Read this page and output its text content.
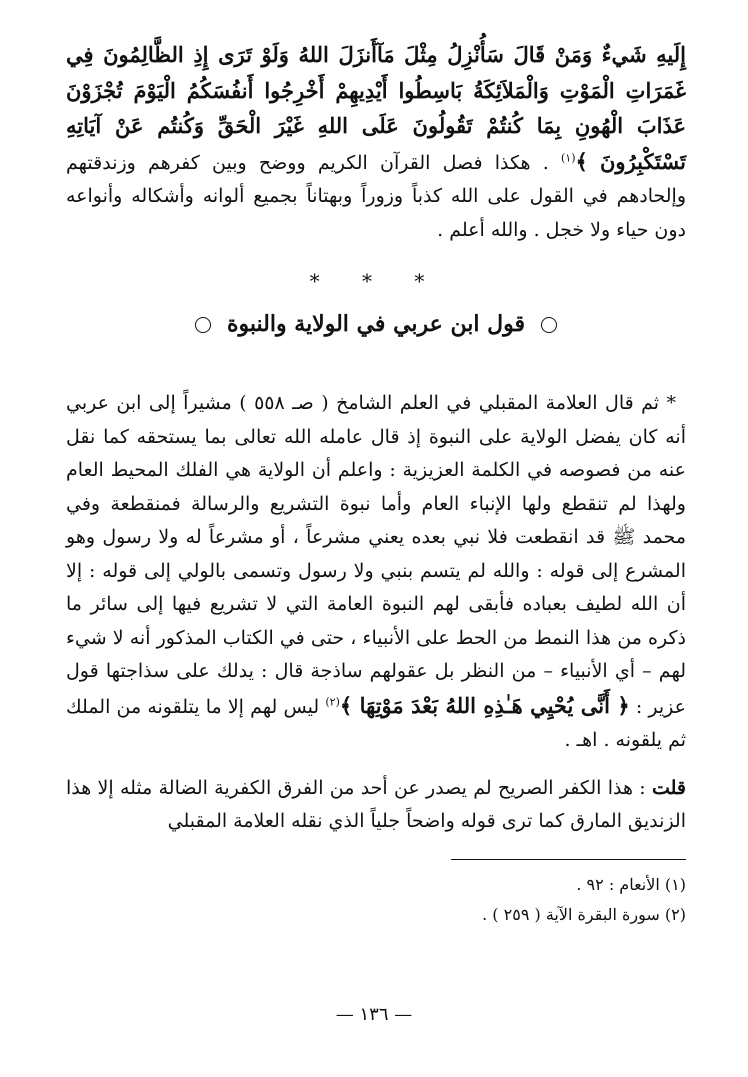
إِلَيهِ شَيءٌ وَمَنْ قَالَ سَأُنْزِلُ مِثْلَ مَآأَنزَلَ اللهُ وَلَوْ تَرَى إِذِ الظَّالِمُونَ فِي غَمَرَاتِ الْمَوْتِ وَالْمَلاَئِكَةُ بَاسِطُوا أَيْدِيهِمْ أَخْرِجُوا أَنفُسَكُمُ الْيَوْمَ تُجْزَوْنَ عَذَابَ الْهُونِ بِمَا كُنتُمْ تَقُولُونَ عَلَى اللهِ غَيْرَ الْحَقِّ وَكُنتُم عَنْ آيَاتِهِ تَسْتَكْبِرُونَ ﴾$^{(١)}$ . هكذا فصل القرآن الكريم ووضح وبين كفرهم وزندقتهم وإلحادهم في القول على الله كذباً وزوراً وبهتاناً بجميع ألوانه وأشكاله وأنواعه دون حياء ولا خجل . والله أعلم .

* * *
قول ابن عربي في الولاية والنبوة

* ثم قال العلامة المقبلي في العلم الشامخ ( صـ ٥٥٨ ) مشيراً إلى ابن عربي أنه كان يفضل الولاية على النبوة إذ قال عامله الله تعالى بما يستحقه كما نقل عنه من فصوصه في الكلمة العزيزية : واعلم أن الولاية هي الفلك المحيط العام ولهذا لم تنقطع ولها الإنباء العام وأما نبوة التشريع والرسالة فمنقطعة وفي محمد ﷺ قد انقطعت فلا نبي بعده يعني مشرعاً ، أو مشرعاً له ولا رسول وهو المشرع إلى قوله : والله لم يتسم بنبي ولا رسول وتسمى بالولي إلى قوله : إلا أن الله لطيف بعباده فأبقى لهم النبوة العامة التي لا تشريع فيها إلى سائر ما ذكره من هذا النمط من الحط على الأنبياء ، حتى في الكتاب المذكور أنه لا شيء لهم – أي الأنبياء – من النظر بل عقولهم ساذجة قال : يدلك على سذاجتها قول عزير : ﴿ أَنَّى يُحْيِي هَـٰذِهِ اللهُ بَعْدَ مَوْتِهَا ﴾$^{(٢)}$ ليس لهم إلا ما يتلقونه من الملك ثم يلقونه . اهـ .

قلت : هذا الكفر الصريح لم يصدر عن أحد من الفرق الكفرية الضالة مثله إلا هذا الزنديق المارق كما ترى قوله واضحاً جلياً الذي نقله العلامة المقبلي

(١) الأنعام : ٩٢ .

(٢) سورة البقرة الآية ( ٢٥٩ ) .

— ١٣٦ —
